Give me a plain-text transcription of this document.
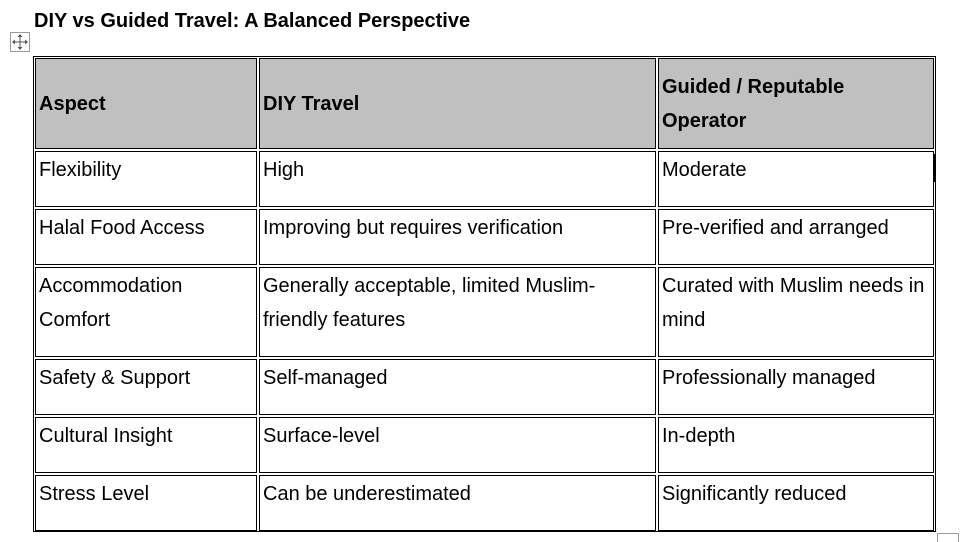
DIY vs Guided Travel: A Balanced Perspective
Aspect	DIY Travel	Guided / Reputable Operator
Flexibility	High	Moderate
Halal Food Access	Improving but requires verification	Pre-verified and arranged
Accommodation Comfort	Generally acceptable, limited Muslim-friendly features	Curated with Muslim needs in mind
Safety & Support	Self-managed	Professionally managed
Cultural Insight	Surface-level	In-depth
Stress Level	Can be underestimated	Significantly reduced
